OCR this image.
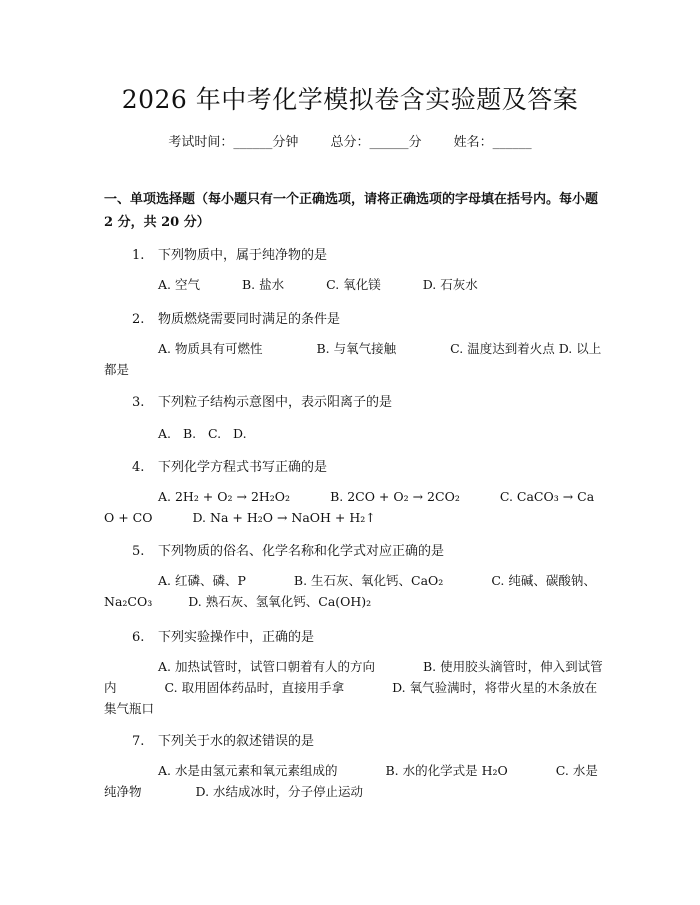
2026 年中考化学模拟卷含实验题及答案
考试时间：______分钟 总分：______分 姓名：______
一、单项选择题（每小题只有一个正确选项，请将正确选项的字母填在括号内。每小题 2 分，共 20 分）
1. 下列物质中，属于纯净物的是
A. 空气	B. 盐水	C. 氧化镁	D. 石灰水
2. 物质燃烧需要同时满足的条件是
A. 物质具有可燃性	B. 与氧气接触	C. 温度达到着火点 D. 以上都是
3. 下列粒子结构示意图中，表示阳离子的是
A. B. C. D.
4. 下列化学方程式书写正确的是
A. 2H₂ + O₂ → 2H₂O₂	B. 2CO + O₂ → 2CO₂	C. CaCO₃ → CaO + CO	D. Na + H₂O → NaOH + H₂↑
5. 下列物质的俗名、化学名称和化学式对应正确的是
A. 红磷、磷、P	B. 生石灰、氧化钙、CaO₂	C. 纯碱、碳酸钠、Na₂CO₃	D. 熟石灰、氢氧化钙、Ca(OH)₂
6. 下列实验操作中，正确的是
A. 加热试管时，试管口朝着有人的方向	B. 使用胶头滴管时，伸入到试管内	C. 取用固体药品时，直接用手拿	D. 氧气验满时，将带火星的木条放在集气瓶口
7. 下列关于水的叙述错误的是
A. 水是由氢元素和氧元素组成的	B. 水的化学式是 H₂O	C. 水是纯净物	D. 水结成冰时，分子停止运动
